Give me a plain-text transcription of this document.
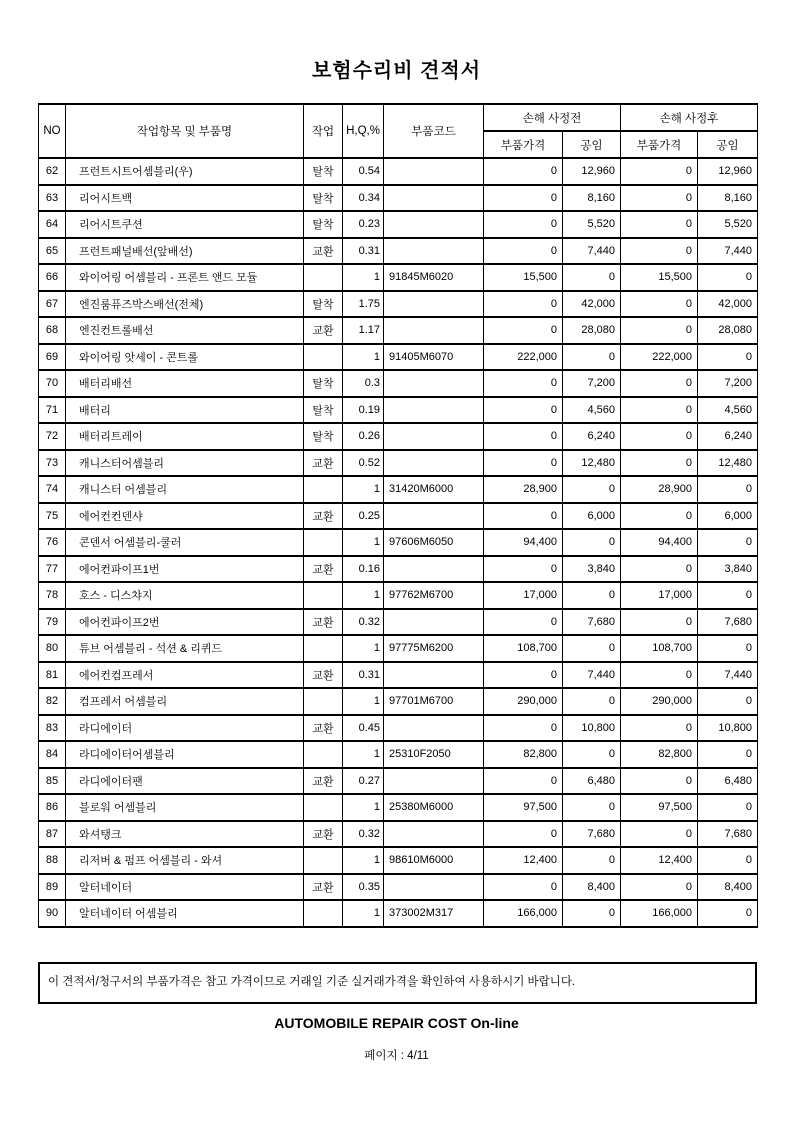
보험수리비 견적서
NO	작업항목 및 부품명	작업	H,Q,%	부품코드	손해 사정전		손해 사정후	
					부품가격	공임	부품가격	공임
62	프런트시트어셈블리(우)	탈착	0.54		0	12,960	0	12,960
63	리어시트백	탈착	0.34		0	8,160	0	8,160
64	리어시트쿠션	탈착	0.23		0	5,520	0	5,520
65	프런트패널배선(앞배선)	교환	0.31		0	7,440	0	7,440
66	와이어링 어셈블리 - 프론트 앤드 모듈		1	91845M6020	15,500	0	15,500	0
67	엔진룸퓨즈박스배선(전체)	탈착	1.75		0	42,000	0	42,000
68	엔진컨트롤배선	교환	1.17		0	28,080	0	28,080
69	와이어링 앗세이 - 콘트롤		1	91405M6070	222,000	0	222,000	0
70	배터리배선	탈착	0.3		0	7,200	0	7,200
71	배터리	탈착	0.19		0	4,560	0	4,560
72	배터리트레이	탈착	0.26		0	6,240	0	6,240
73	캐니스터어셈블리	교환	0.52		0	12,480	0	12,480
74	캐니스터 어셈블리		1	31420M6000	28,900	0	28,900	0
75	에어컨컨덴샤	교환	0.25		0	6,000	0	6,000
76	콘덴서 어셈블리-쿨러		1	97606M6050	94,400	0	94,400	0
77	에어컨파이프1번	교환	0.16		0	3,840	0	3,840
78	호스 - 디스챠지		1	97762M6700	17,000	0	17,000	0
79	에어컨파이프2번	교환	0.32		0	7,680	0	7,680
80	튜브 어셈블리 - 석션 & 리퀴드		1	97775M6200	108,700	0	108,700	0
81	에어컨컴프레서	교환	0.31		0	7,440	0	7,440
82	컴프레서 어셈블리		1	97701M6700	290,000	0	290,000	0
83	라디에이터	교환	0.45		0	10,800	0	10,800
84	라디에이터어셈블리		1	25310F2050	82,800	0	82,800	0
85	라디에이터팬	교환	0.27		0	6,480	0	6,480
86	블로워 어셈블리		1	25380M6000	97,500	0	97,500	0
87	와셔탱크	교환	0.32		0	7,680	0	7,680
88	리저버 & 펌프 어셈블리 - 와셔		1	98610M6000	12,400	0	12,400	0
89	알터네이터	교환	0.35		0	8,400	0	8,400
90	알터네이터 어셈블리		1	373002M317	166,000	0	166,000	0
이 견적서/청구서의 부품가격은 참고 가격이므로 거래일 기준 실거래가격을 확인하여 사용하시기 바랍니다.
AUTOMOBILE REPAIR COST On-line
페이지 : 4/11
